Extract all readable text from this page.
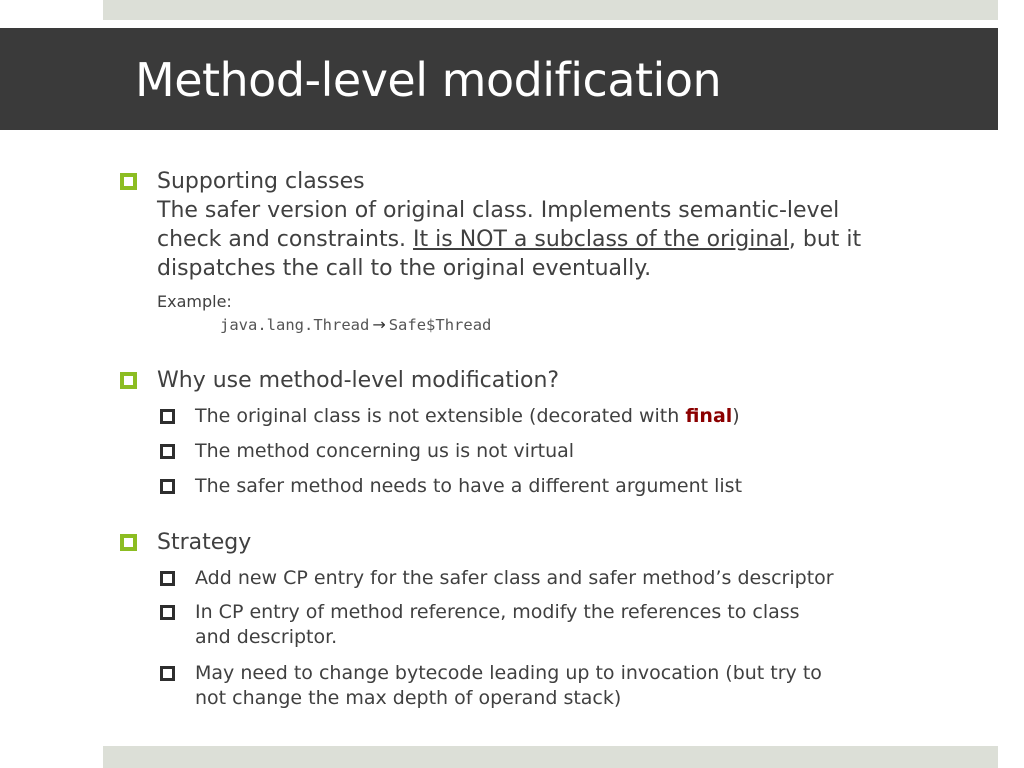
Method-level modification
Supporting classes
The safer version of original class. Implements semantic-level
check and constraints. It is NOT a subclass of the original, but it
dispatches the call to the original eventually.
Example:
java.lang.Thread → Safe$Thread
Why use method-level modification?
The original class is not extensible (decorated with final)
The method concerning us is not virtual
The safer method needs to have a different argument list
Strategy
Add new CP entry for the safer class and safer method’s descriptor
In CP entry of method reference, modify the references to class
and descriptor.
May need to change bytecode leading up to invocation (but try to
not change the max depth of operand stack)
